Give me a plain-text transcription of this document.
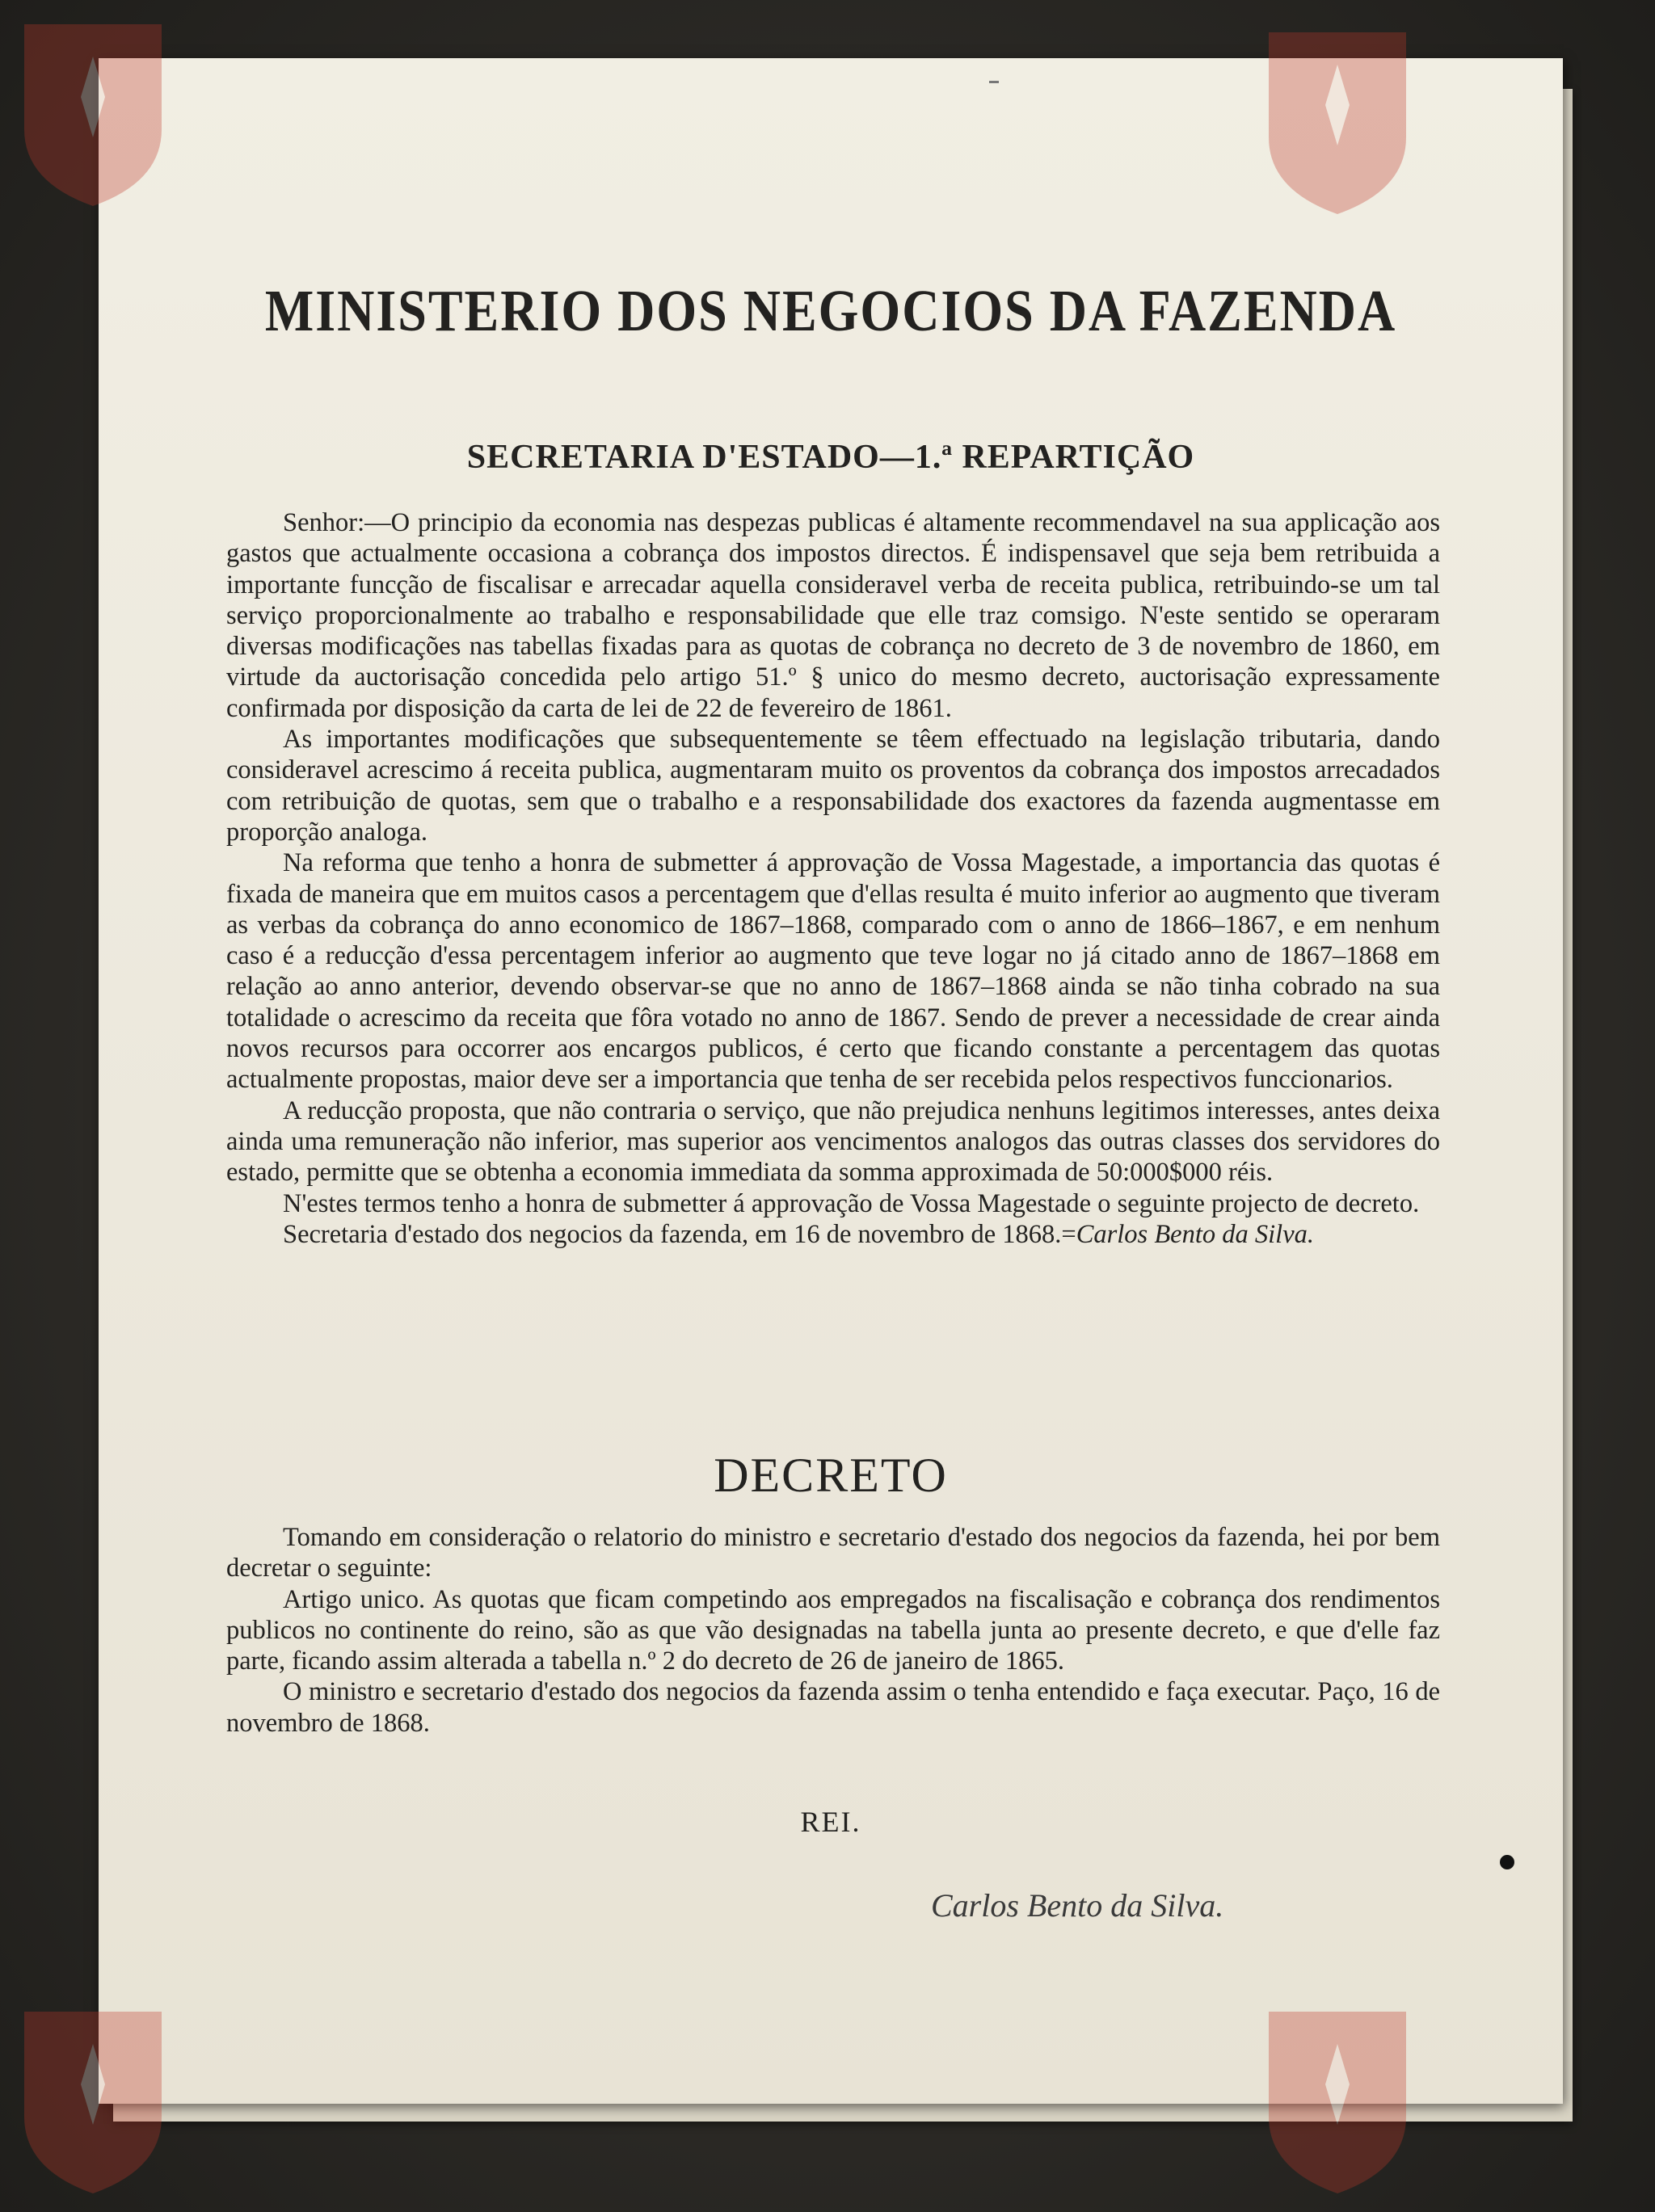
MINISTERIO DOS NEGOCIOS DA FAZENDA
SECRETARIA D'ESTADO—1.ª REPARTIÇÃO

Senhor:—O principio da economia nas despezas publicas é altamente recommendavel na sua applicação aos gastos que actualmente occasiona a cobrança dos impostos directos. É indispensavel que seja bem retribuida a importante funcção de fiscalisar e arrecadar aquella consideravel verba de receita publica, retribuindo-se um tal serviço proporcionalmente ao trabalho e responsabilidade que elle traz comsigo. N'este sentido se operaram diversas modificações nas tabellas fixadas para as quotas de cobrança no decreto de 3 de novembro de 1860, em virtude da auctorisação concedida pelo artigo 51.º § unico do mesmo decreto, auctorisação expressamente confirmada por disposição da carta de lei de 22 de fevereiro de 1861.

As importantes modificações que subsequentemente se têem effectuado na legislação tributaria, dando consideravel acrescimo á receita publica, augmentaram muito os proventos da cobrança dos impostos arrecadados com retribuição de quotas, sem que o trabalho e a responsabilidade dos exactores da fazenda augmentasse em proporção analoga.

Na reforma que tenho a honra de submetter á approvação de Vossa Magestade, a importancia das quotas é fixada de maneira que em muitos casos a percentagem que d'ellas resulta é muito inferior ao augmento que tiveram as verbas da cobrança do anno economico de 1867–1868, comparado com o anno de 1866–1867, e em nenhum caso é a reducção d'essa percentagem inferior ao augmento que teve logar no já citado anno de 1867–1868 em relação ao anno anterior, devendo observar-se que no anno de 1867–1868 ainda se não tinha cobrado na sua totalidade o acrescimo da receita que fôra votado no anno de 1867. Sendo de prever a necessidade de crear ainda novos recursos para occorrer aos encargos publicos, é certo que ficando constante a percentagem das quotas actualmente propostas, maior deve ser a importancia que tenha de ser recebida pelos respectivos funccionarios.

A reducção proposta, que não contraria o serviço, que não prejudica nenhuns legitimos interesses, antes deixa ainda uma remuneração não inferior, mas superior aos vencimentos analogos das outras classes dos servidores do estado, permitte que se obtenha a economia immediata da somma approximada de 50:000$000 réis.

N'estes termos tenho a honra de submetter á approvação de Vossa Magestade o seguinte projecto de decreto.

Secretaria d'estado dos negocios da fazenda, em 16 de novembro de 1868.=Carlos Bento da Silva.

DECRETO

Tomando em consideração o relatorio do ministro e secretario d'estado dos negocios da fazenda, hei por bem decretar o seguinte:

Artigo unico. As quotas que ficam competindo aos empregados na fiscalisação e cobrança dos rendimentos publicos no continente do reino, são as que vão designadas na tabella junta ao presente decreto, e que d'elle faz parte, ficando assim alterada a tabella n.º 2 do decreto de 26 de janeiro de 1865.

O ministro e secretario d'estado dos negocios da fazenda assim o tenha entendido e faça executar. Paço, 16 de novembro de 1868.

REI.
Carlos Bento da Silva.
